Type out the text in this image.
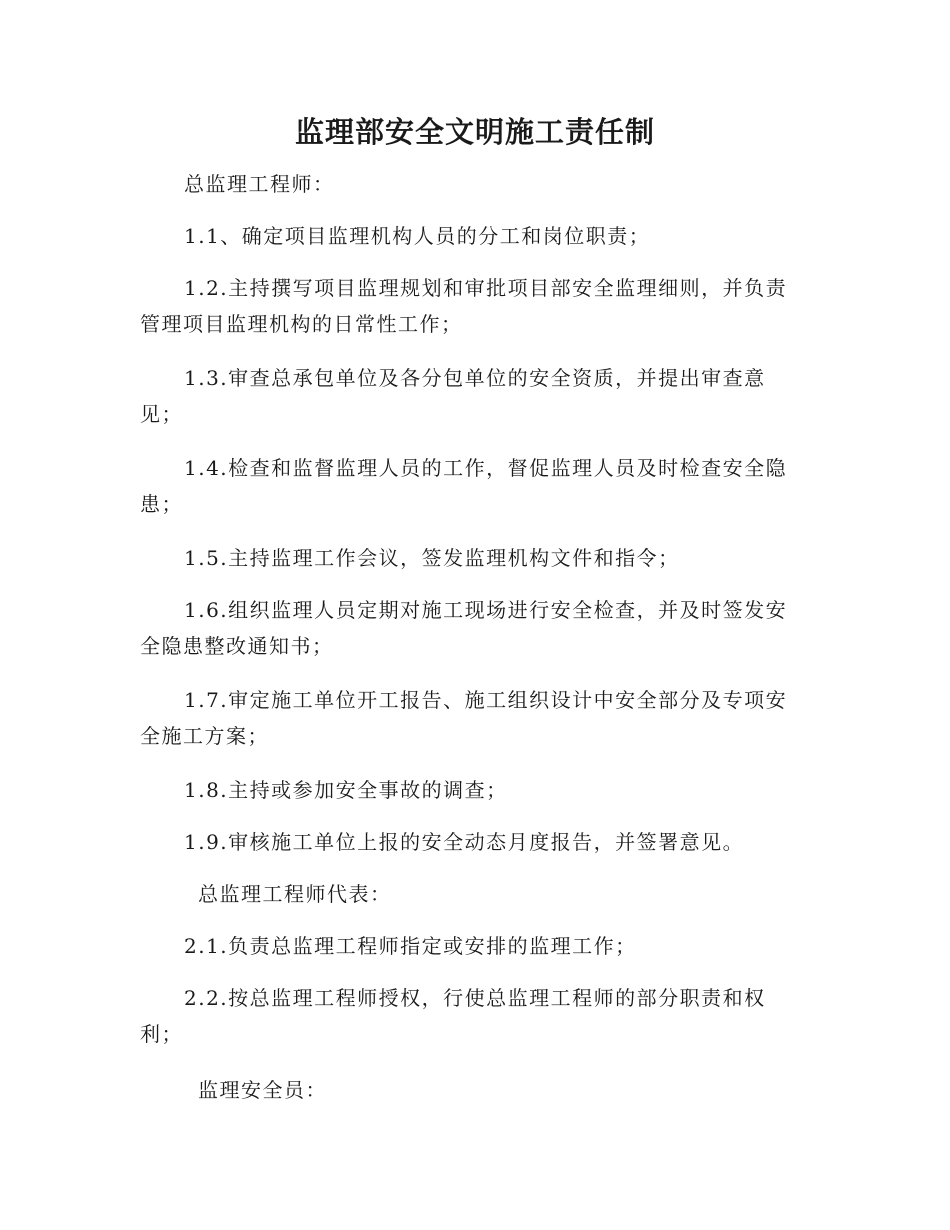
监理部安全文明施工责任制
总监理工程师：
1.1、确定项目监理机构人员的分工和岗位职责；
1.2.主持撰写项目监理规划和审批项目部安全监理细则，并负责
管理项目监理机构的日常性工作；
1.3.审查总承包单位及各分包单位的安全资质，并提出审查意
见；
1.4.检查和监督监理人员的工作，督促监理人员及时检查安全隐
患；
1.5.主持监理工作会议，签发监理机构文件和指令；
1.6.组织监理人员定期对施工现场进行安全检查，并及时签发安
全隐患整改通知书；
1.7.审定施工单位开工报告、施工组织设计中安全部分及专项安
全施工方案；
1.8.主持或参加安全事故的调查；
1.9.审核施工单位上报的安全动态月度报告，并签署意见。
总监理工程师代表：
2.1.负责总监理工程师指定或安排的监理工作；
2.2.按总监理工程师授权，行使总监理工程师的部分职责和权
利；
监理安全员：
